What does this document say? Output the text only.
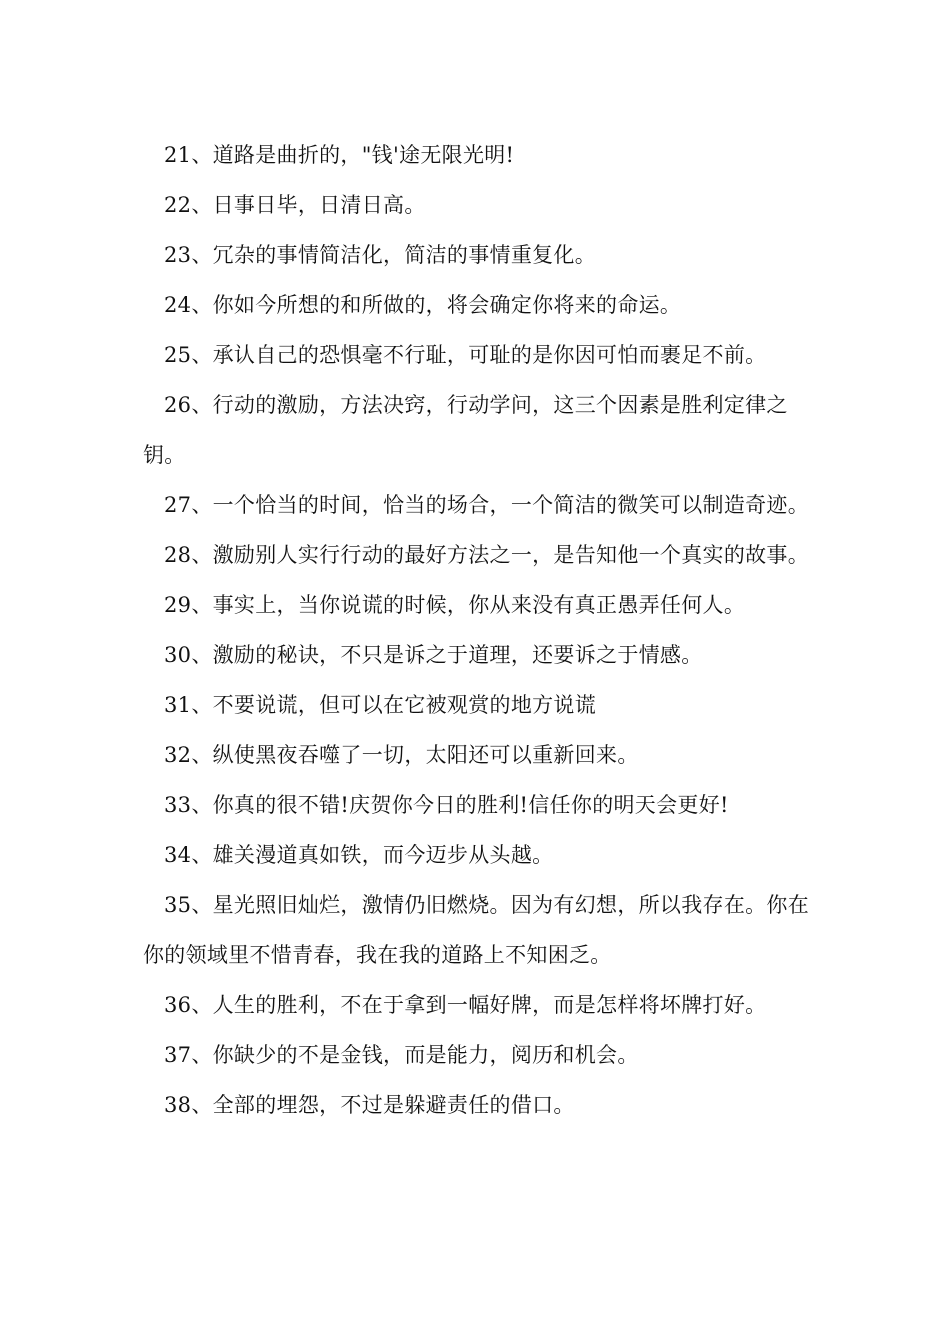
21、道路是曲折的，"钱'途无限光明!

22、日事日毕，日清日高。

23、冗杂的事情简洁化，简洁的事情重复化。

24、你如今所想的和所做的，将会确定你将来的命运。

25、承认自己的恐惧毫不行耻，可耻的是你因可怕而裹足不前。

26、行动的激励，方法决窍，行动学问，这三个因素是胜利定律之钥。

27、一个恰当的时间，恰当的场合，一个简洁的微笑可以制造奇迹。

28、激励别人实行行动的最好方法之一，是告知他一个真实的故事。

29、事实上，当你说谎的时候，你从来没有真正愚弄任何人。

30、激励的秘诀，不只是诉之于道理，还要诉之于情感。

31、不要说谎，但可以在它被观赏的地方说谎

32、纵使黑夜吞噬了一切，太阳还可以重新回来。

33、你真的很不错!庆贺你今日的胜利!信任你的明天会更好!

34、雄关漫道真如铁，而今迈步从头越。

35、星光照旧灿烂，激情仍旧燃烧。因为有幻想，所以我存在。你在你的领域里不惜青春，我在我的道路上不知困乏。

36、人生的胜利，不在于拿到一幅好牌，而是怎样将坏牌打好。

37、你缺少的不是金钱，而是能力，阅历和机会。

38、全部的埋怨，不过是躲避责任的借口。
